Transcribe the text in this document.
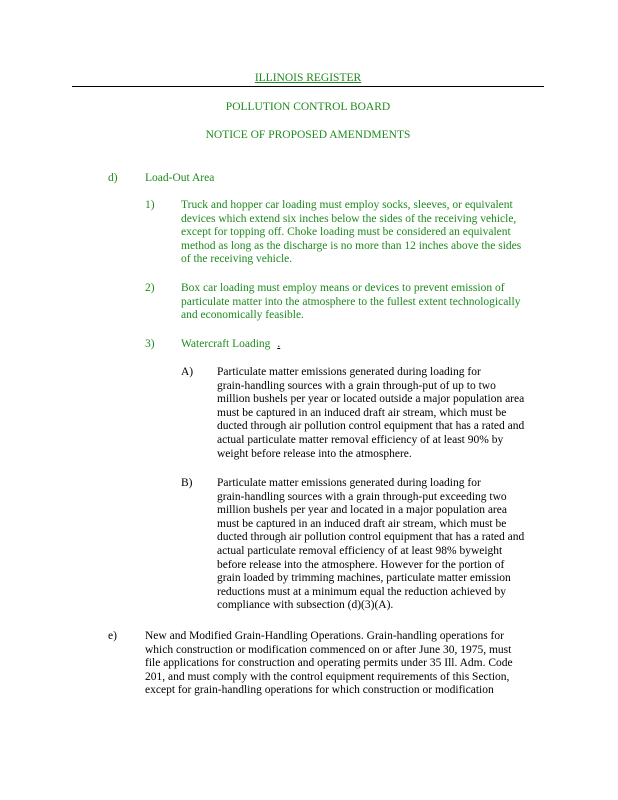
ILLINOIS REGISTER
POLLUTION CONTROL BOARD
NOTICE OF PROPOSED AMENDMENTS
d) Load-Out Area
1) Truck and hopper car loading must employ socks, sleeves, or equivalent

devices which extend six inches below the sides of the receiving vehicle,

except for topping off. Choke loading must be considered an equivalent

method as long as the discharge is no more than 12 inches above the sides

of the receiving vehicle.

2) Box car loading must employ means or devices to prevent emission of

particulate matter into the atmosphere to the fullest extent technologically

and economically feasible.

3) Watercraft Loading .
A) Particulate matter emissions generated during loading for

grain-handling sources with a grain through-put of up to two

million bushels per year or located outside a major population area

must be captured in an induced draft air stream, which must be

ducted through air pollution control equipment that has a rated and

actual particulate matter removal efficiency of at least 90% by

weight before release into the atmosphere.

B) Particulate matter emissions generated during loading for

grain-handling sources with a grain through-put exceeding two

million bushels per year and located in a major population area

must be captured in an induced draft air stream, which must be

ducted through air pollution control equipment that has a rated and

actual particulate removal efficiency of at least 98% byweight

before release into the atmosphere. However for the portion of

grain loaded by trimming machines, particulate matter emission

reductions must at a minimum equal the reduction achieved by

compliance with subsection (d)(3)(A).

e) New and Modified Grain-Handling Operations. Grain-handling operations for

which construction or modification commenced on or after June 30, 1975, must

file applications for construction and operating permits under 35 Ill. Adm. Code

201, and must comply with the control equipment requirements of this Section,

except for grain-handling operations for which construction or modification
